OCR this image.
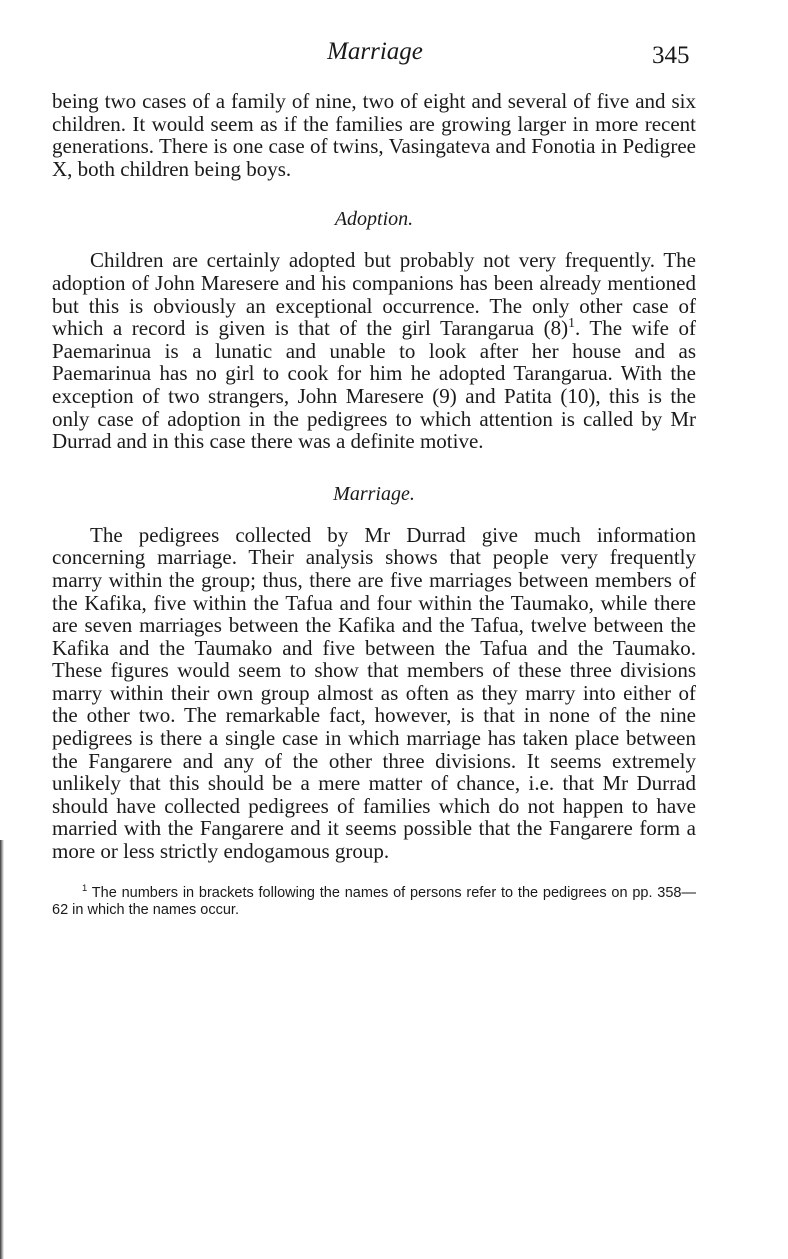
Marriage	345

being two cases of a family of nine, two of eight and several of five and six children. It would seem as if the families are growing larger in more recent generations. There is one case of twins, Vasingateva and Fonotia in Pedigree X, both children being boys.

Adoption.

Children are certainly adopted but probably not very frequently. The adoption of John Maresere and his companions has been already mentioned but this is obviously an exceptional occurrence. The only other case of which a record is given is that of the girl Tarangarua $(8)^1$. The wife of Paemarinua is a lunatic and unable to look after her house and as Paemarinua has no girl to cook for him he adopted Tarangarua. With the exception of two strangers, John Maresere (9) and Patita (10), this is the only case of adoption in the pedigrees to which attention is called by Mr Durrad and in this case there was a definite motive.

Marriage.

The pedigrees collected by Mr Durrad give much information concerning marriage. Their analysis shows that people very frequently marry within the group; thus, there are five marriages between members of the Kafika, five within the Tafua and four within the Taumako, while there are seven marriages between the Kafika and the Tafua, twelve between the Kafika and the Taumako and five between the Tafua and the Taumako. These figures would seem to show that members of these three divisions marry within their own group almost as often as they marry into either of the other two. The remarkable fact, however, is that in none of the nine pedigrees is there a single case in which marriage has taken place between the Fangarere and any of the other three divisions. It seems extremely unlikely that this should be a mere matter of chance, i.e. that Mr Durrad should have collected pedigrees of families which do not happen to have married with the Fangarere and it seems possible that the Fangarere form a more or less strictly endogamous group.

$^1$ The numbers in brackets following the names of persons refer to the pedigrees on pp. 358—62 in which the names occur.
